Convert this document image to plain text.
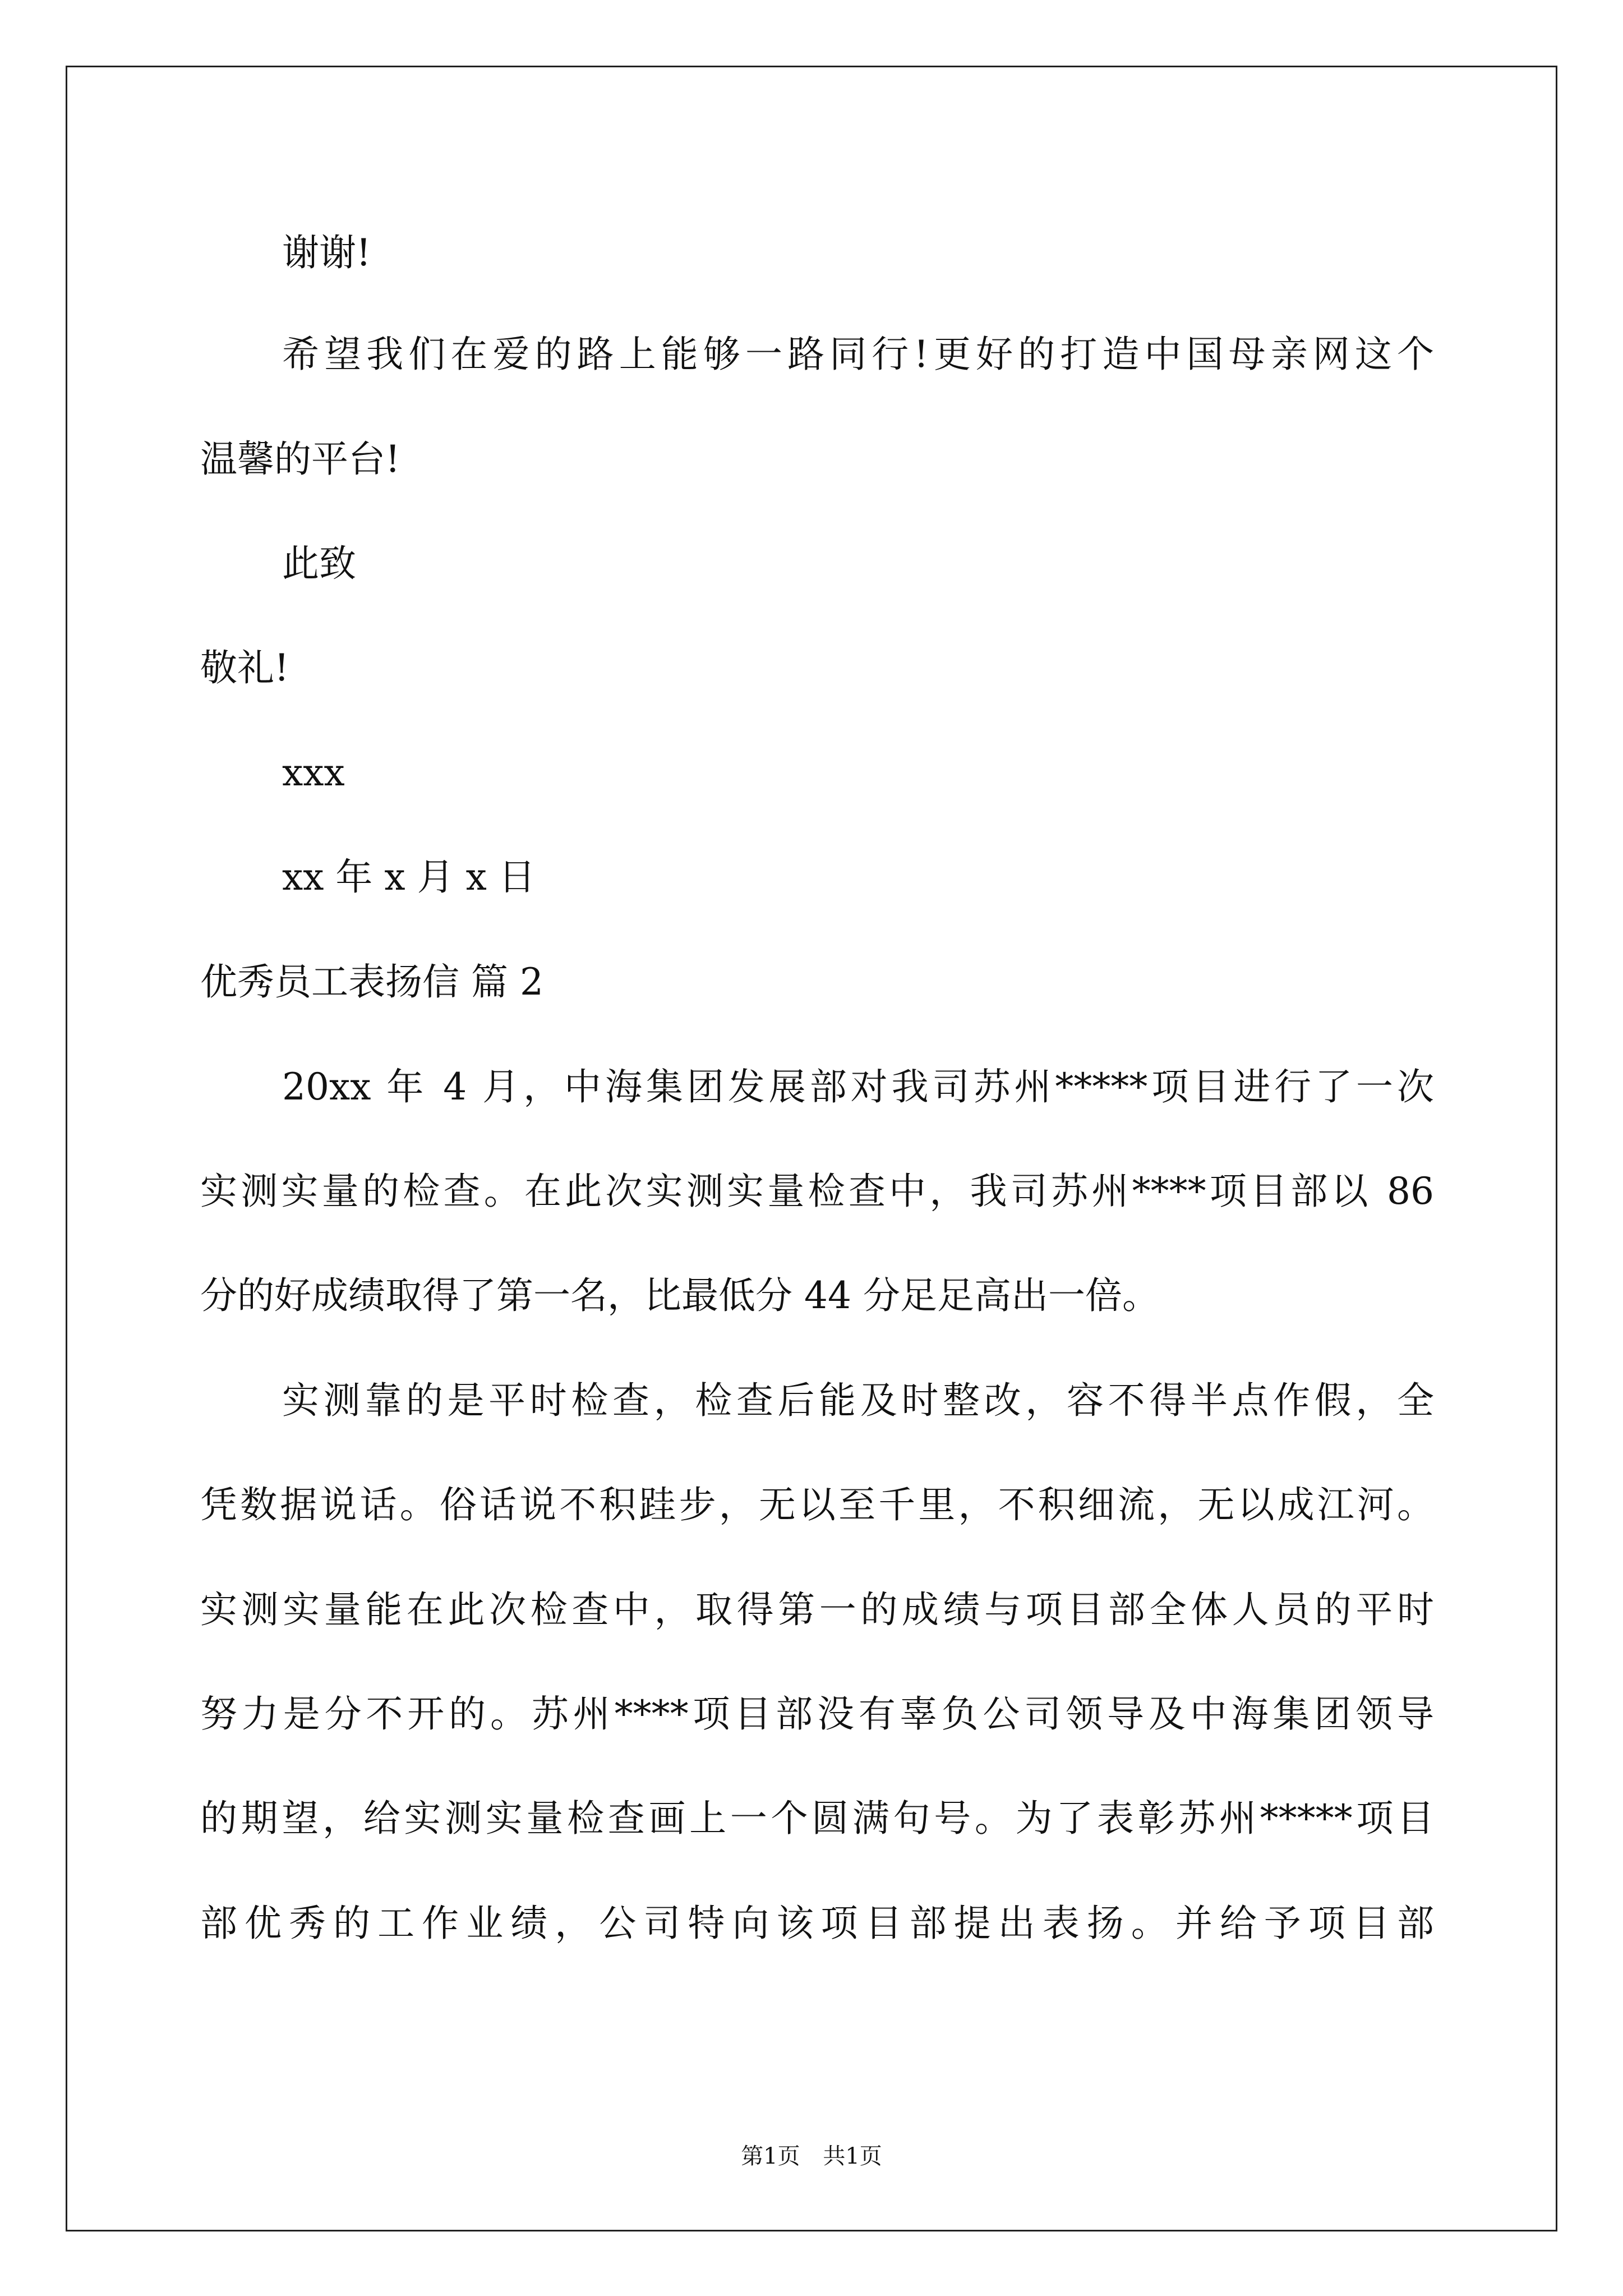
谢谢!
希望我们在爱的路上能够一路同行!更好的打造中国母亲网这个
温馨的平台!
此致
敬礼!
xxx
xx 年 x 月 x 日
优秀员工表扬信 篇 2
20xx 年 4 月，中海集团发展部对我司苏州*****项目进行了一次
实测实量的检查。在此次实测实量检查中，我司苏州****项目部以 86
分的好成绩取得了第一名，比最低分 44 分足足高出一倍。
实测靠的是平时检查，检查后能及时整改，容不得半点作假，全
凭数据说话。俗话说不积跬步，无以至千里，不积细流，无以成江河。
实测实量能在此次检查中，取得第一的成绩与项目部全体人员的平时
努力是分不开的。苏州****项目部没有辜负公司领导及中海集团领导
的期望，给实测实量检查画上一个圆满句号。为了表彰苏州*****项目
部优秀的工作业绩，公司特向该项目部提出表扬。并给予项目部
第1页 共1页
